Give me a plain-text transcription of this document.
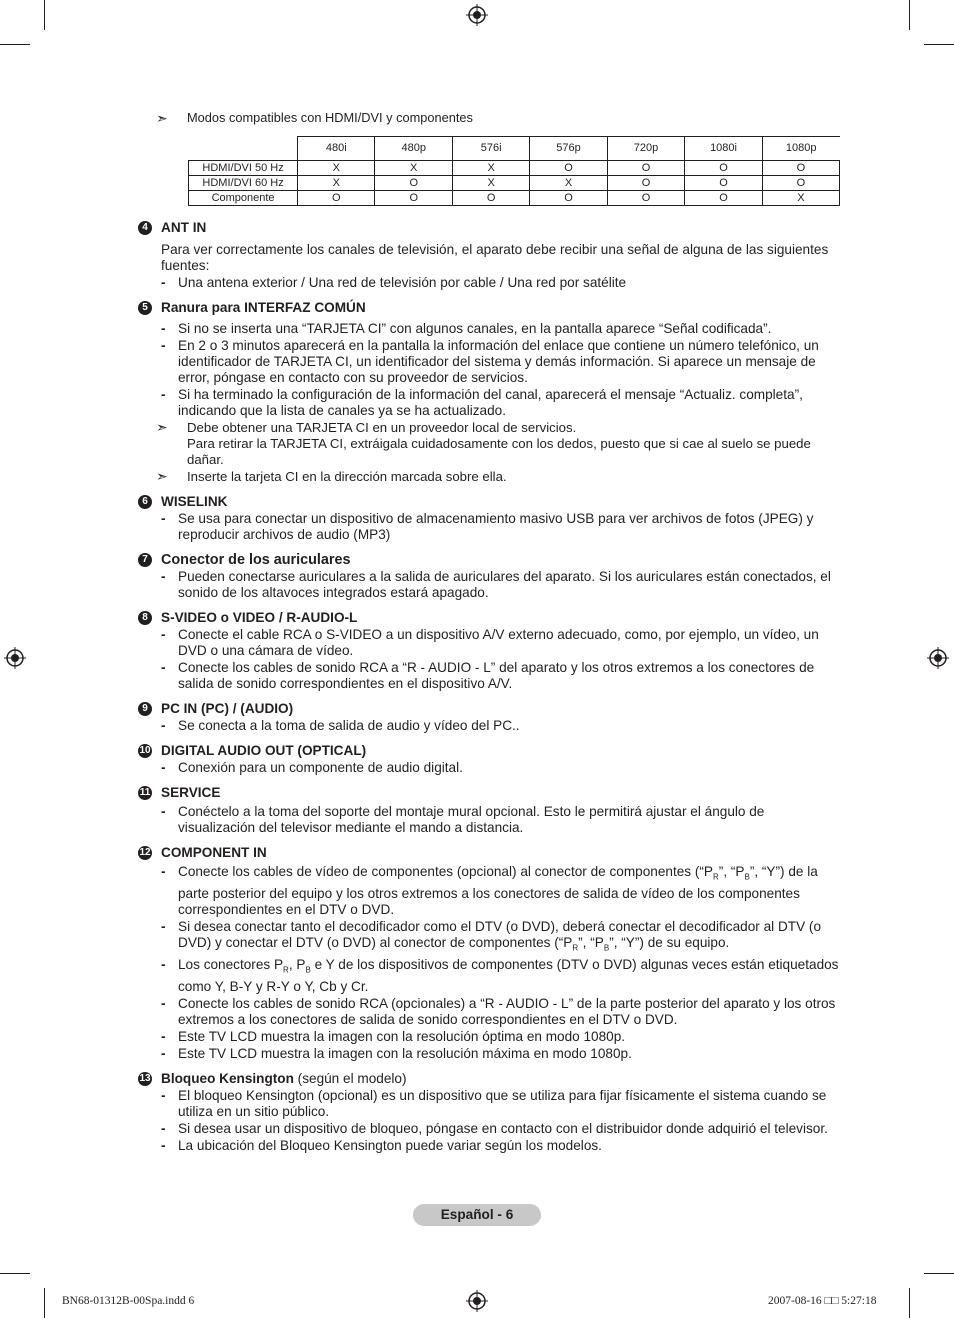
➣ Modos compatibles con HDMI/DVI y componentes
	480i	480p	576i	576p	720p	1080i	1080p
HDMI/DVI 50 Hz	X	X	X	O	O	O	O
HDMI/DVI 60 Hz	X	O	X	X	O	O	O
Componente	O	O	O	O	O	O	X
4 ANT IN
Para ver correctamente los canales de televisión, el aparato debe recibir una señal de alguna de las siguientes fuentes:
- Una antena exterior / Una red de televisión por cable / Una red por satélite
5 Ranura para INTERFAZ COMÚN
- Si no se inserta una “TARJETA CI” con algunos canales, en la pantalla aparece “Señal codificada”.
- En 2 o 3 minutos aparecerá en la pantalla la información del enlace que contiene un número telefónico, un identificador de TARJETA CI, un identificador del sistema y demás información. Si aparece un mensaje de error, póngase en contacto con su proveedor de servicios.
- Si ha terminado la configuración de la información del canal, aparecerá el mensaje “Actualiz. completa”, indicando que la lista de canales ya se ha actualizado.
➣ Debe obtener una TARJETA CI en un proveedor local de servicios.
Para retirar la TARJETA CI, extráigala cuidadosamente con los dedos, puesto que si cae al suelo se puede dañar.
➣ Inserte la tarjeta CI en la dirección marcada sobre ella.
6 WISELINK
- Se usa para conectar un dispositivo de almacenamiento masivo USB para ver archivos de fotos (JPEG) y reproducir archivos de audio (MP3)
7 Conector de los auriculares
- Pueden conectarse auriculares a la salida de auriculares del aparato. Si los auriculares están conectados, el sonido de los altavoces integrados estará apagado.
8 S-VIDEO o VIDEO / R-AUDIO-L
- Conecte el cable RCA o S-VIDEO a un dispositivo A/V externo adecuado, como, por ejemplo, un vídeo, un DVD o una cámara de vídeo.
- Conecte los cables de sonido RCA a “R - AUDIO - L” del aparato y los otros extremos a los conectores de salida de sonido correspondientes en el dispositivo A/V.
9 PC IN (PC) / (AUDIO)
- Se conecta a la toma de salida de audio y vídeo del PC..
10 DIGITAL AUDIO OUT (OPTICAL)
- Conexión para un componente de audio digital.
11 SERVICE
- Conéctelo a la toma del soporte del montaje mural opcional. Esto le permitirá ajustar el ángulo de visualización del televisor mediante el mando a distancia.
12 COMPONENT IN
- Conecte los cables de vídeo de componentes (opcional) al conector de componentes (“$P_R$”, “$P_B$”, “Y”) de la parte posterior del equipo y los otros extremos a los conectores de salida de vídeo de los componentes correspondientes en el DTV o DVD.
- Si desea conectar tanto el decodificador como el DTV (o DVD), deberá conectar el decodificador al DTV (o DVD) y conectar el DTV (o DVD) al conector de componentes (“$P_R$”, “$P_B$”, “Y”) de su equipo.
- Los conectores $P_R$, $P_B$ e Y de los dispositivos de componentes (DTV o DVD) algunas veces están etiquetados como Y, B-Y y R-Y o Y, Cb y Cr.
- Conecte los cables de sonido RCA (opcionales) a “R - AUDIO - L” de la parte posterior del aparato y los otros extremos a los conectores de salida de sonido correspondientes en el DTV o DVD.
- Este TV LCD muestra la imagen con la resolución óptima en modo 1080p.
- Este TV LCD muestra la imagen con la resolución máxima en modo 1080p.
13 Bloqueo Kensington (según el modelo)
- El bloqueo Kensington (opcional) es un dispositivo que se utiliza para fijar físicamente el sistema cuando se utiliza en un sitio público.
- Si desea usar un dispositivo de bloqueo, póngase en contacto con el distribuidor donde adquirió el televisor.
- La ubicación del Bloqueo Kensington puede variar según los modelos.
Español - 6
BN68-01312B-00Spa.indd 6	2007-08-16 □□ 5:27:18
